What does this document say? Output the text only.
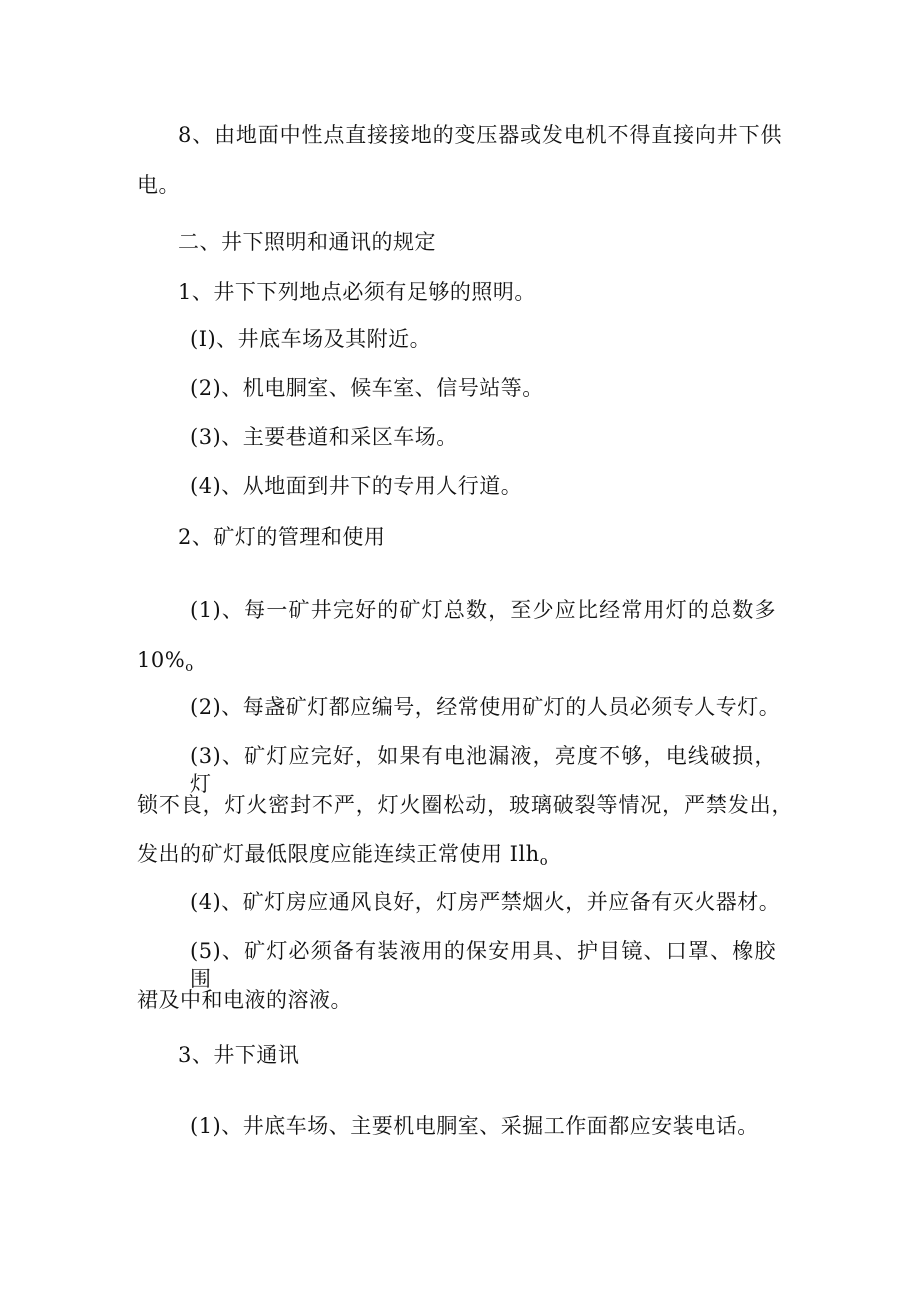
8、由地面中性点直接接地的变压器或发电机不得直接向井下供
电。
二、井下照明和通讯的规定
1、井下下列地点必须有足够的照明。
(I)、井底车场及其附近。
(2)、机电胴室、候车室、信号站等。
(3)、主要巷道和采区车场。
(4)、从地面到井下的专用人行道。
2、矿灯的管理和使用
(1)、每一矿井完好的矿灯总数，至少应比经常用灯的总数多
$10\%_o$
(2)、每盏矿灯都应编号，经常使用矿灯的人员必须专人专灯。
(3)、矿灯应完好，如果有电池漏液，亮度不够，电线破损，灯
锁不良，灯火密封不严，灯火圈松动，玻璃破裂等情况，严禁发出，
发出的矿灯最低限度应能连续正常使用 Ilh$_o$
(4)、矿灯房应通风良好，灯房严禁烟火，并应备有灭火器材。
(5)、矿灯必须备有装液用的保安用具、护目镜、口罩、橡胶围
裙及中和电液的溶液。
3、井下通讯
(1)、井底车场、主要机电胴室、采掘工作面都应安装电话。
